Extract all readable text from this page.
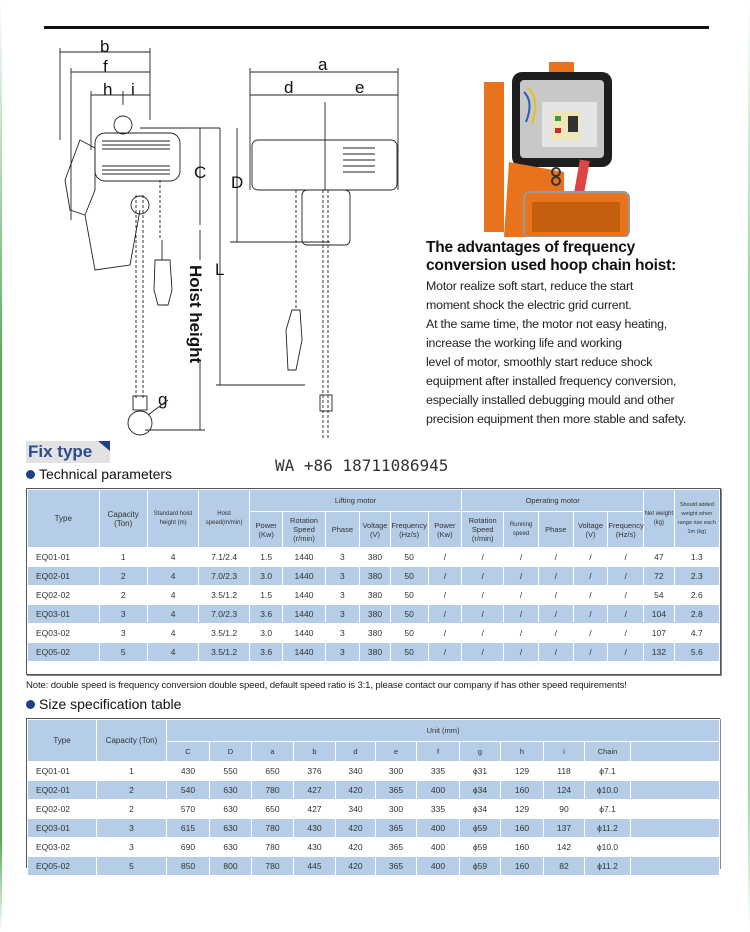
b
f
h i
g
C
Hoist height L
D
a
d	e
The advantages of frequency
conversion used hoop chain hoist:

Motor realize soft start, reduce the start
moment shock the electric grid current.
At the same time, the motor not easy heating,
increase the working life and working
level of motor, smoothly start reduce shock
equipment after installed frequency conversion,
especially installed debugging mould and other
precision equipment then more stable and safety.

Fix type
Technical parameters	WA +86 18711086945
Type	Capacity (Ton)	Standard hoist height (m)	Hoist speed(m/min)	Lifting motor						Operating motor					Net weight (kg)	Should added weight when range rise each 1m (kg)
				Power (Kw)	Rotation Speed (r/min)	Phase	Voltage (V)	Frequency (Hz/s)	Power (Kw)	Rotation Speed (r/min)	Running speed	Phase	Voltage (V)	Frequency (Hz/s)		
EQ01-01	1	4	7.1/2.4	1.5	1440	3	380	50	/	/	/	/	/	/	47	1.3
EQ02-01	2	4	7.0/2.3	3.0	1440	3	380	50	/	/	/	/	/	/	72	2.3
EQ02-02	2	4	3.5/1.2	1.5	1440	3	380	50	/	/	/	/	/	/	54	2.6
EQ03-01	3	4	7.0/2.3	3.6	1440	3	380	50	/	/	/	/	/	/	104	2.8
EQ03-02	3	4	3.5/1.2	3.0	1440	3	380	50	/	/	/	/	/	/	107	4.7
EQ05-02	5	4	3.5/1.2	3.6	1440	3	380	50	/	/	/	/	/	/	132	5.6

Note: double speed is frequency conversion double speed, default speed ratio is 3:1, please contact our company if has other speed requirements!
Size specification table
Type	Capacity (Ton)	Unit (mm)											
		C	D	a	b	d	e	f	g	h	i	Chain	
EQ01-01	1	430	550	650	376	340	300	335	ϕ31	129	118	ϕ7.1	
EQ02-01	2	540	630	780	427	420	365	400	ϕ34	160	124	ϕ10.0	
EQ02-02	2	570	630	650	427	340	300	335	ϕ34	129	90	ϕ7.1	
EQ03-01	3	615	630	780	430	420	365	400	ϕ59	160	137	ϕ11.2	
EQ03-02	3	690	630	780	430	420	365	400	ϕ59	160	142	ϕ10.0	
EQ05-02	5	850	800	780	445	420	365	400	ϕ59	160	82	ϕ11.2	
